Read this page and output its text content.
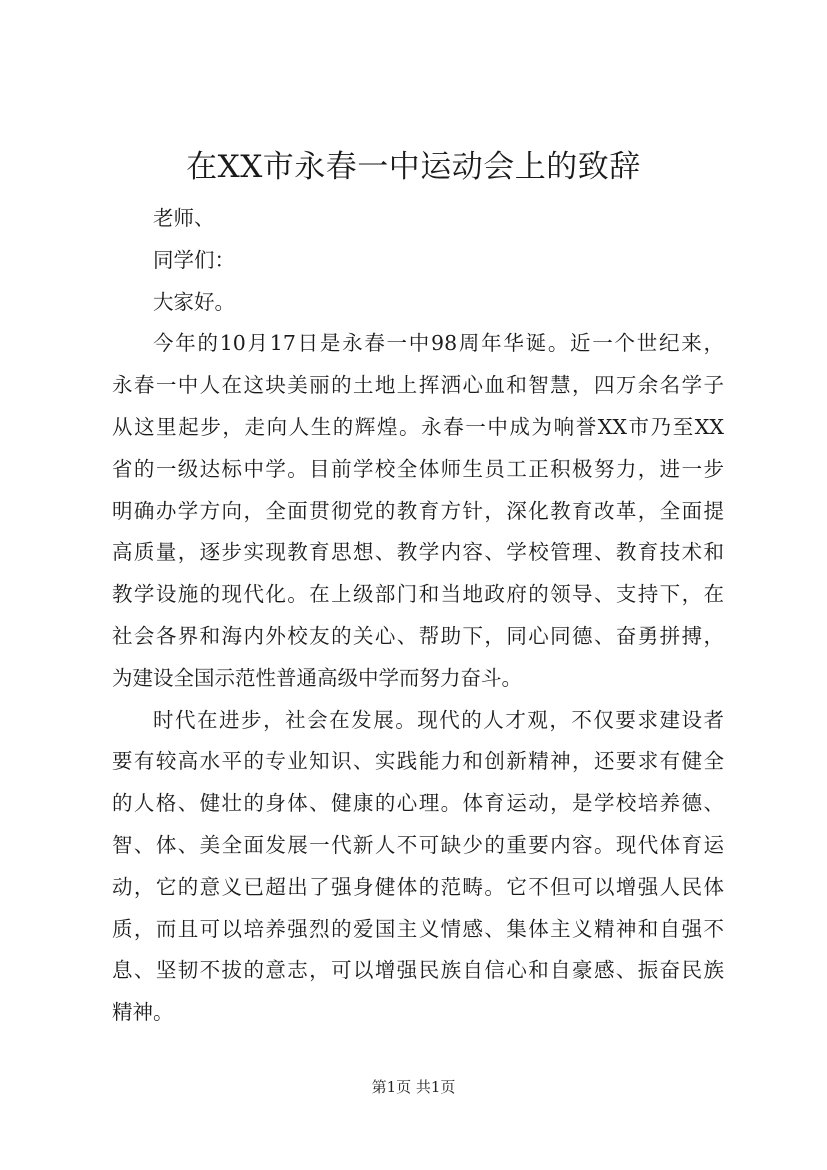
在XX市永春一中运动会上的致辞
老师、
同学们：
大家好。
今年的10月17日是永春一中98周年华诞。近一个世纪来，
永春一中人在这块美丽的土地上挥洒心血和智慧，四万余名学子
从这里起步，走向人生的辉煌。永春一中成为响誉XX市乃至XX
省的一级达标中学。目前学校全体师生员工正积极努力，进一步
明确办学方向，全面贯彻党的教育方针，深化教育改革，全面提
高质量，逐步实现教育思想、教学内容、学校管理、教育技术和
教学设施的现代化。在上级部门和当地政府的领导、支持下，在
社会各界和海内外校友的关心、帮助下，同心同德、奋勇拼搏，
为建设全国示范性普通高级中学而努力奋斗。
时代在进步，社会在发展。现代的人才观，不仅要求建设者
要有较高水平的专业知识、实践能力和创新精神，还要求有健全
的人格、健壮的身体、健康的心理。体育运动，是学校培养德、
智、体、美全面发展一代新人不可缺少的重要内容。现代体育运
动，它的意义已超出了强身健体的范畴。它不但可以增强人民体
质，而且可以培养强烈的爱国主义情感、集体主义精神和自强不
息、坚韧不拔的意志，可以增强民族自信心和自豪感、振奋民族
精神。
第1页 共1页
